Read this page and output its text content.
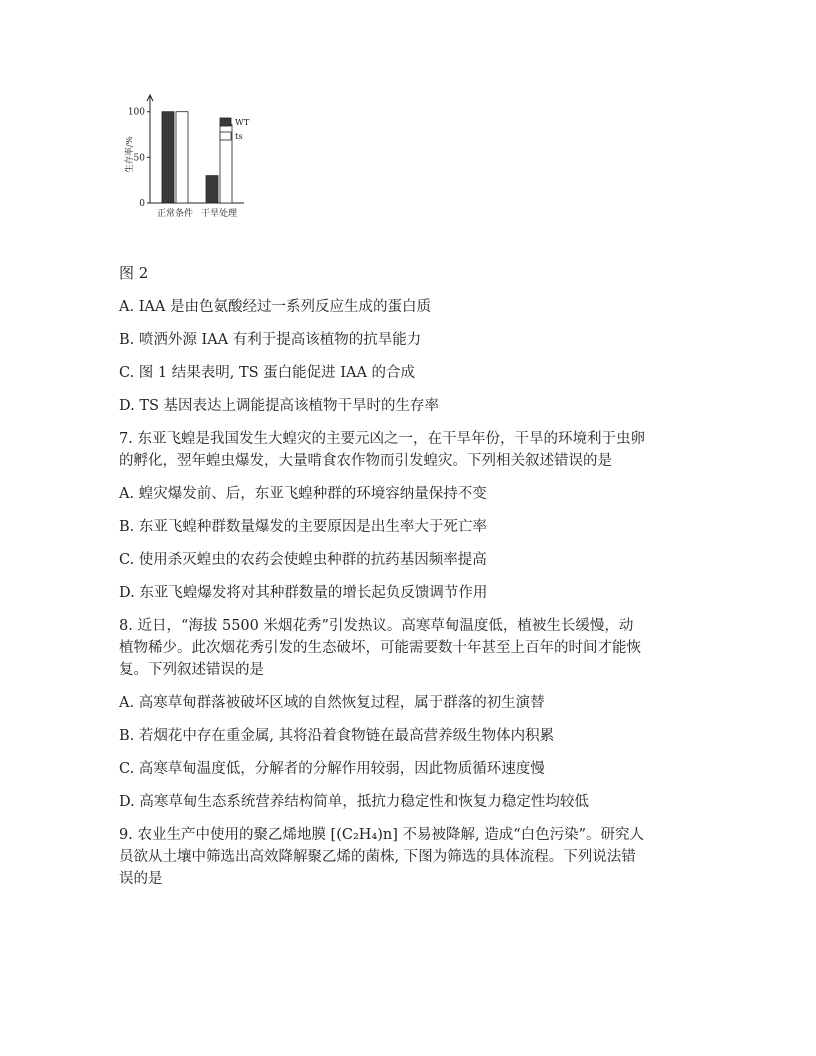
0
50
100
生存率/%
正常条件 干旱处理
WT
ts
图 2
A. IAA 是由色氨酸经过一系列反应生成的蛋白质
B. 喷洒外源 IAA 有利于提高该植物的抗旱能力
C. 图 1 结果表明, TS 蛋白能促进 IAA 的合成
D. TS 基因表达上调能提高该植物干旱时的生存率
7. 东亚飞蝗是我国发生大蝗灾的主要元凶之一，在干旱年份，干旱的环境利于虫卵
的孵化，翌年蝗虫爆发，大量啃食农作物而引发蝗灾。下列相关叙述错误的是
A. 蝗灾爆发前、后，东亚飞蝗种群的环境容纳量保持不变
B. 东亚飞蝗种群数量爆发的主要原因是出生率大于死亡率
C. 使用杀灭蝗虫的农药会使蝗虫种群的抗药基因频率提高
D. 东亚飞蝗爆发将对其种群数量的增长起负反馈调节作用
8. 近日，“海拔 5500 米烟花秀”引发热议。高寒草甸温度低，植被生长缓慢，动
植物稀少。此次烟花秀引发的生态破坏，可能需要数十年甚至上百年的时间才能恢
复。下列叙述错误的是
A. 高寒草甸群落被破坏区域的自然恢复过程，属于群落的初生演替
B. 若烟花中存在重金属, 其将沿着食物链在最高营养级生物体内积累
C. 高寒草甸温度低，分解者的分解作用较弱，因此物质循环速度慢
D. 高寒草甸生态系统营养结构简单，抵抗力稳定性和恢复力稳定性均较低
9. 农业生产中使用的聚乙烯地膜 [(C₂H₄)n] 不易被降解, 造成“白色污染”。研究人
员欲从土壤中筛选出高效降解聚乙烯的菌株, 下图为筛选的具体流程。下列说法错
误的是
